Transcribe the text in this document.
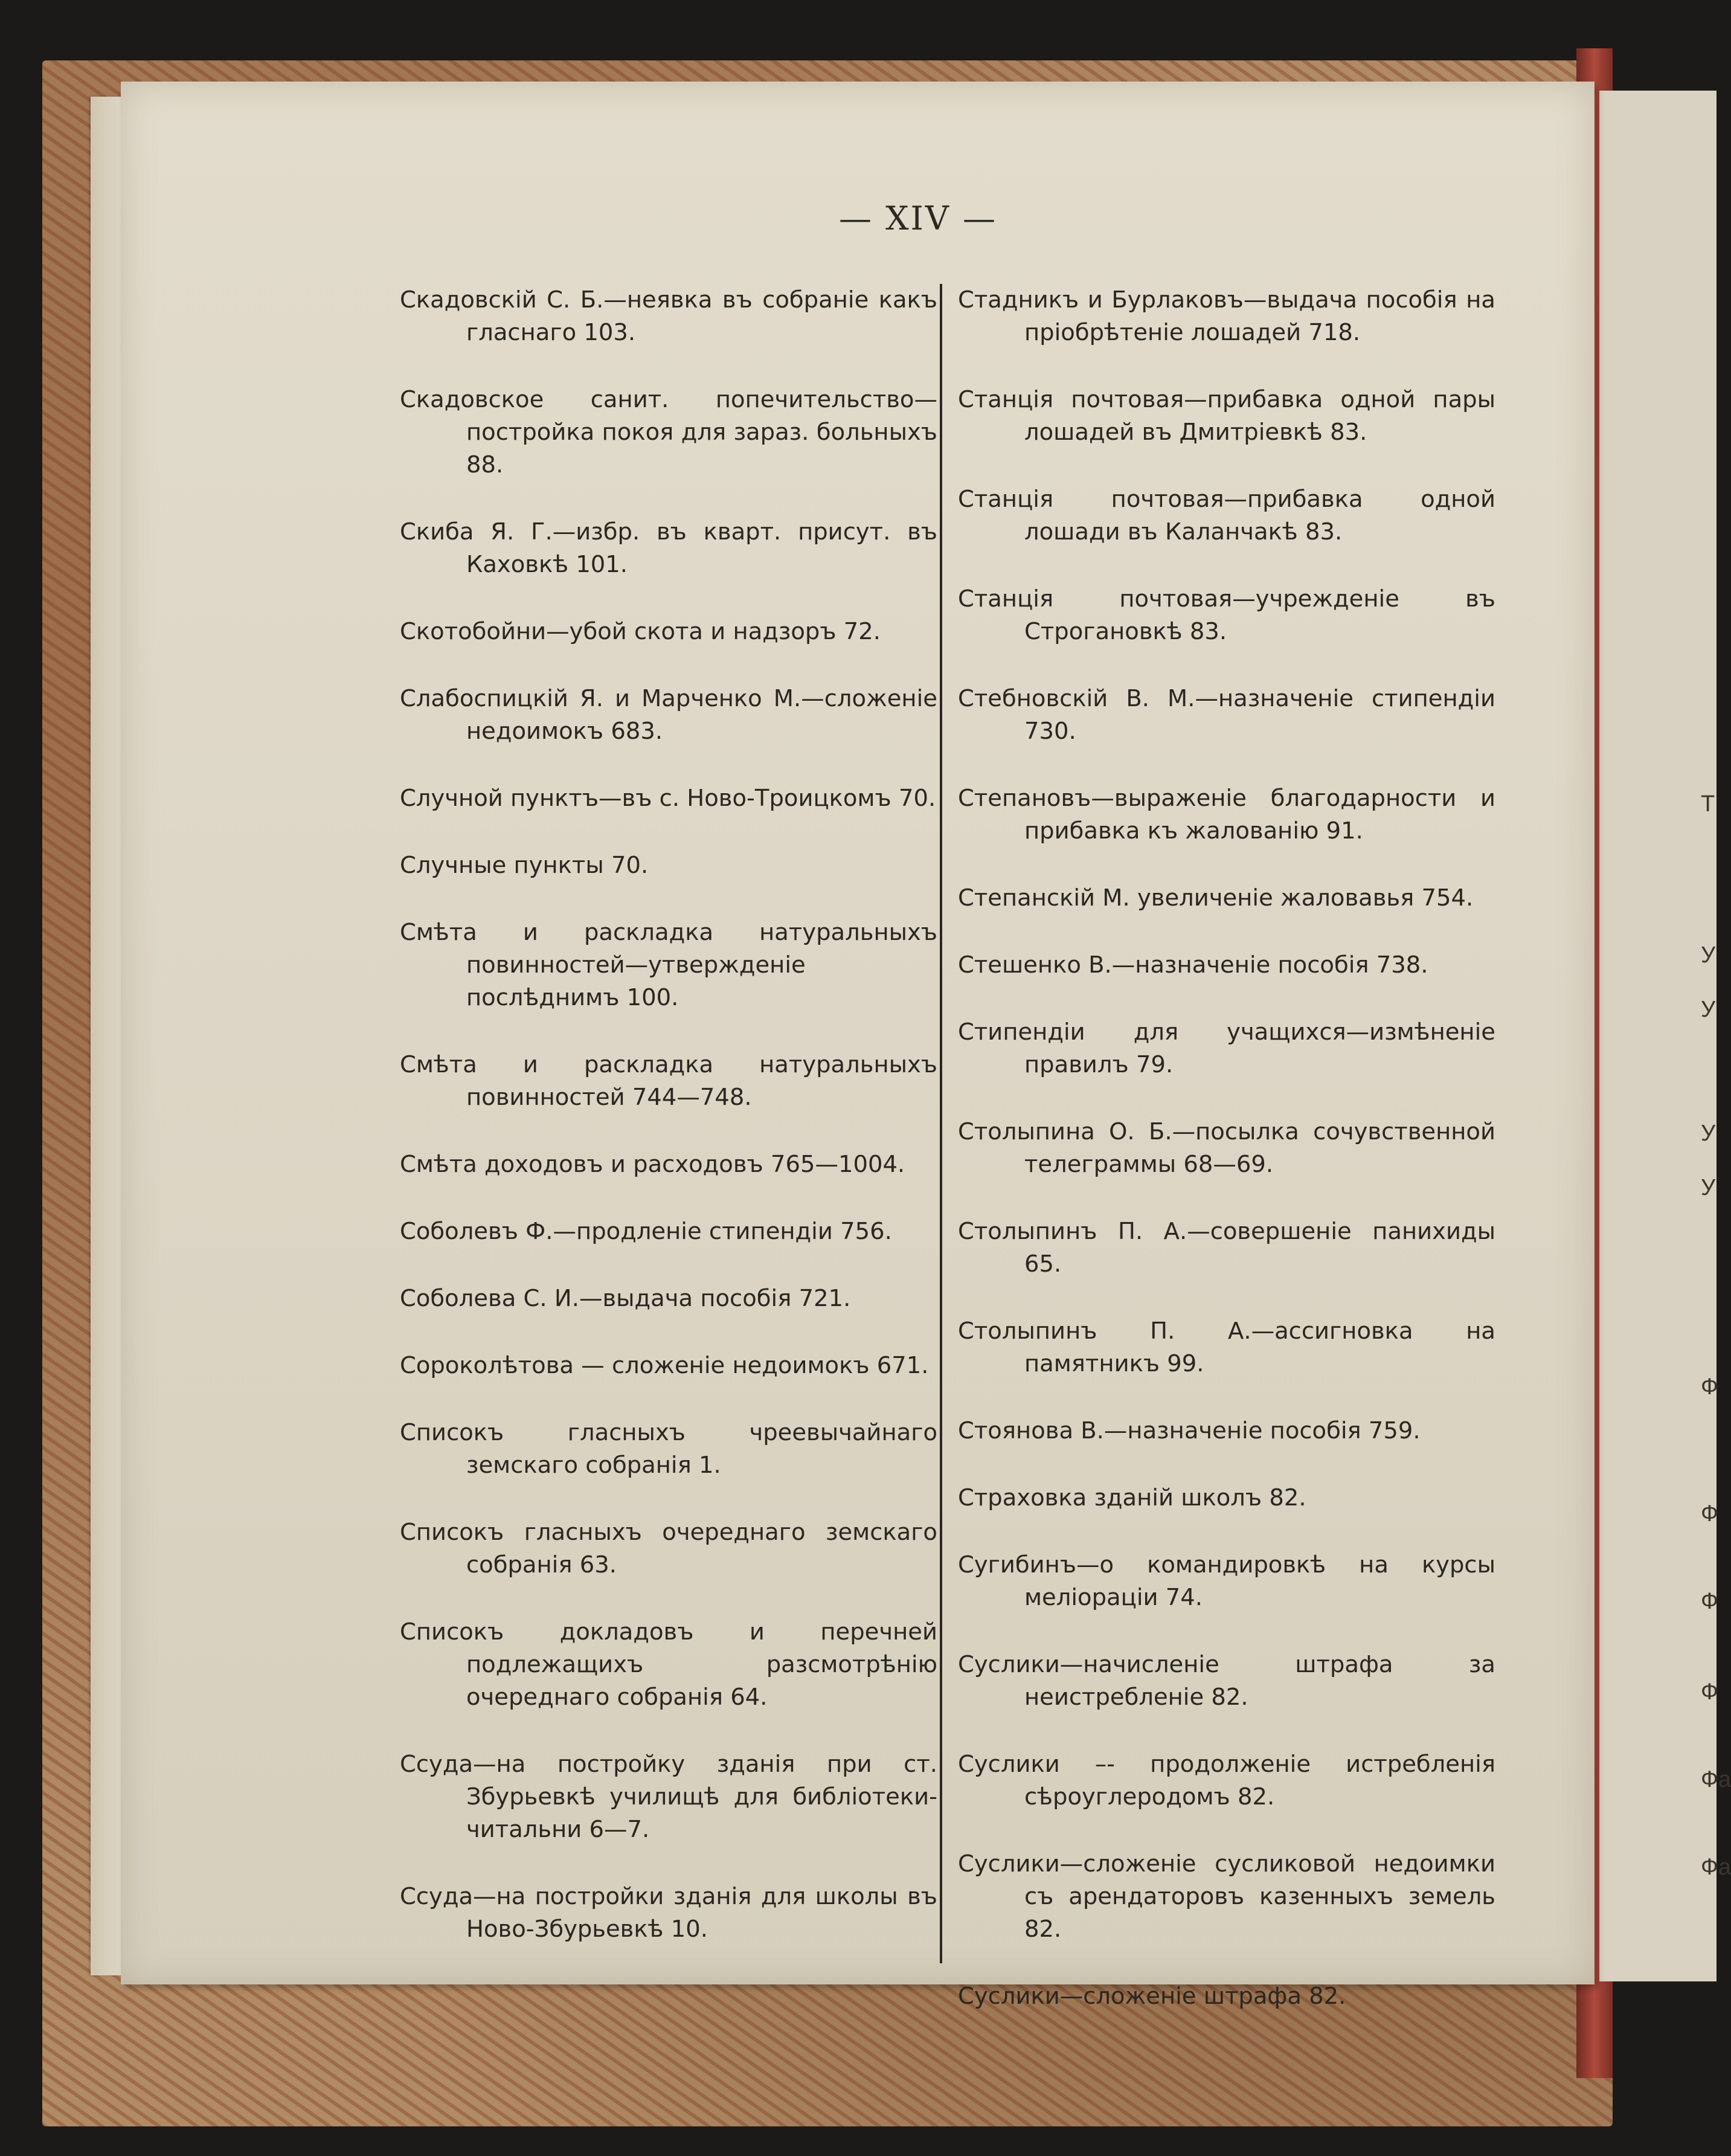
Т
У
У
У
У
Ф
Ф
Ф
Ф
Фа
Фа
— XIV —

Скадовскій С. Б.—неявка въ собраніе какъ гласнаго 103.

Скадовское санит. попечительство—постройка покоя для зараз. больныхъ 88.

Скиба Я. Г.—избр. въ кварт. присут. въ Каховкѣ 101.

Скотобойни—убой скота и надзоръ 72.

Слабоспицкій Я. и Марченко М.—сложеніе недоимокъ 683.

Случной пунктъ—въ с. Ново-Троицкомъ 70.

Случные пункты 70.

Смѣта и раскладка натуральныхъ повинностей—утвержденіе послѣднимъ 100.

Смѣта и раскладка натуральныхъ повинностей 744—748.

Смѣта доходовъ и расходовъ 765—1004.

Соболевъ Ф.—продленіе стипендіи 756.

Соболева С. И.—выдача пособія 721.

Сороколѣтова — сложеніе недоимокъ 671.

Списокъ гласныхъ чреевычайнаго земскаго собранія 1.

Списокъ гласныхъ очереднаго земскаго собранія 63.

Списокъ докладовъ и перечней подлежащихъ разсмотрѣнію очереднаго собранія 64.

Ссуда—на постройку зданія при ст. Збурьевкѣ училищѣ для библіотеки-читальни 6—7.

Ссуда—на постройки зданія для школы въ Ново-Збурьевкѣ 10.

Стадникъ и Бурлаковъ—выдача пособія на пріобрѣтеніе лошадей 718.

Станція почтовая—прибавка одной пары лошадей въ Дмитріевкѣ 83.

Станція почтовая—прибавка одной лошади въ Каланчакѣ 83.

Станція почтовая—учрежденіе въ Строгановкѣ 83.

Стебновскій В. М.—назначеніе стипендіи 730.

Степановъ—выраженіе благодарности и прибавка къ жалованію 91.

Степанскій М. увеличеніе жаловавья 754.

Стешенко В.—назначеніе пособія 738.

Стипендіи для учащихся—измѣненіе правилъ 79.

Столыпина О. Б.—посылка сочувственной телеграммы 68—69.

Столыпинъ П. А.—совершеніе панихиды 65.

Столыпинъ П. А.—ассигновка на памятникъ 99.

Стоянова В.—назначеніе пособія 759.

Страховка зданій школъ 82.

Сугибинъ—о командировкѣ на курсы меліораціи 74.

Суслики—начисленіе штрафа за неистребленіе 82.

Суслики –- продолженіе истребленія сѣроуглеродомъ 82.

Суслики—сложеніе сусликовой недоимки съ арендаторовъ казенныхъ земель 82.

Суслики—сложеніе штрафа 82.
